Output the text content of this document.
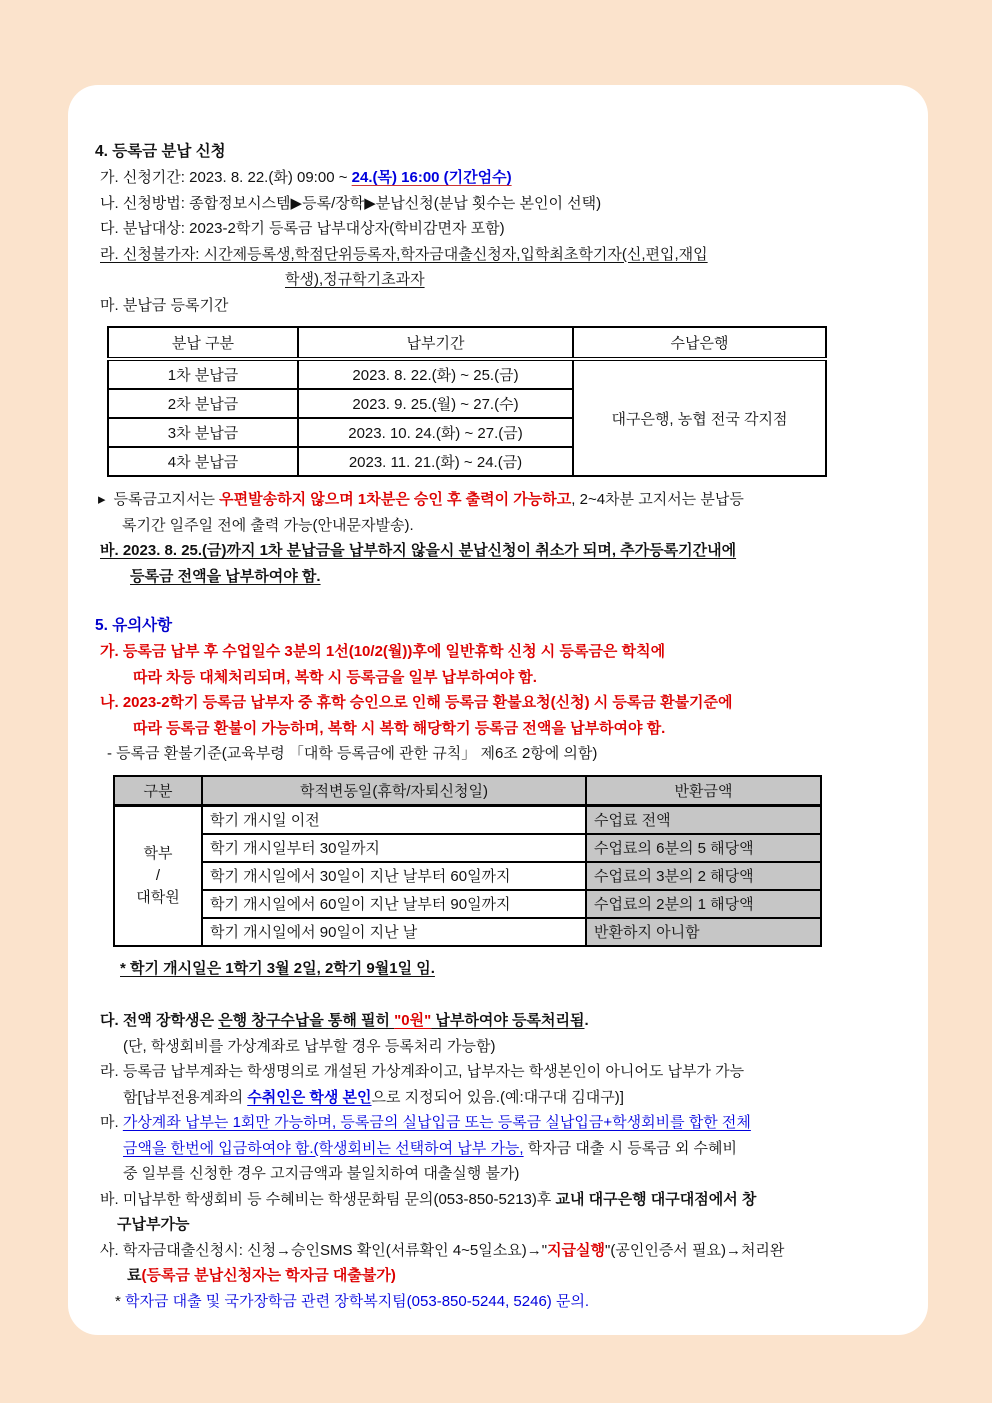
4. 등록금 분납 신청
가. 신청기간: 2023. 8. 22.(화) 09:00 ~ 24.(목) 16:00 (기간엄수)
나. 신청방법: 종합정보시스템▶등록/장학▶분납신청(분납 횟수는 본인이 선택)
다. 분납대상: 2023-2학기 등록금 납부대상자(학비감면자 포함)
라. 신청불가자: 시간제등록생,학점단위등록자,학자금대출신청자,입학최초학기자(신,편입,재입
학생),정규학기초과자
마. 분납금 등록기간
분납 구분	납부기간	수납은행
1차 분납금	2023. 8. 22.(화) ~ 25.(금)	대구은행, 농협 전국 각지점
2차 분납금	2023. 9. 25.(월) ~ 27.(수)	
3차 분납금	2023. 10. 24.(화) ~ 27.(금)	
4차 분납금	2023. 11. 21.(화) ~ 24.(금)	
▸ 등록금고지서는 우편발송하지 않으며 1차분은 승인 후 출력이 가능하고, 2~4차분 고지서는 분납등
록기간 일주일 전에 출력 가능(안내문자발송).
바. 2023. 8. 25.(금)까지 1차 분납금을 납부하지 않을시 분납신청이 취소가 되며, 추가등록기간내에
등록금 전액을 납부하여야 함.
5. 유의사항
가. 등록금 납부 후 수업일수 3분의 1선(10/2(월))후에 일반휴학 신청 시 등록금은 학칙에
따라 차등 대체처리되며, 복학 시 등록금을 일부 납부하여야 함.
나. 2023-2학기 등록금 납부자 중 휴학 승인으로 인해 등록금 환불요청(신청) 시 등록금 환불기준에
따라 등록금 환불이 가능하며, 복학 시 복학 해당학기 등록금 전액을 납부하여야 함.
- 등록금 환불기준(교육부령 「대학 등록금에 관한 규칙」 제6조 2항에 의함)
구분	학적변동일(휴학/자퇴신청일)	반환금액

학부
/
대학원	학기 개시일 이전	수업료 전액
	학기 개시일부터 30일까지	수업료의 6분의 5 해당액
	학기 개시일에서 30일이 지난 날부터 60일까지	수업료의 3분의 2 해당액
	학기 개시일에서 60일이 지난 날부터 90일까지	수업료의 2분의 1 해당액
	학기 개시일에서 90일이 지난 날	반환하지 아니함
* 학기 개시일은 1학기 3월 2일, 2학기 9월1일 임.
다. 전액 장학생은 은행 창구수납을 통해 필히 "0원" 납부하여야 등록처리됨.
(단, 학생회비를 가상계좌로 납부할 경우 등록처리 가능함)
라. 등록금 납부계좌는 학생명의로 개설된 가상계좌이고, 납부자는 학생본인이 아니어도 납부가 가능
함[납부전용계좌의 수취인은 학생 본인으로 지정되어 있음.(예:대구대 김대구)]
마. 가상계좌 납부는 1회만 가능하며, 등록금의 실납입금 또는 등록금 실납입금+학생회비를 합한 전체
금액을 한번에 입금하여야 함.(학생회비는 선택하여 납부 가능, 학자금 대출 시 등록금 외 수혜비
중 일부를 신청한 경우 고지금액과 불일치하여 대출실행 불가)
바. 미납부한 학생회비 등 수혜비는 학생문화팀 문의(053-850-5213)후 교내 대구은행 대구대점에서 창
구납부가능
사. 학자금대출신청시: 신청→승인SMS 확인(서류확인 4~5일소요)→"지급실행"(공인인증서 필요)→처리완
료(등록금 분납신청자는 학자금 대출불가)
* 학자금 대출 및 국가장학금 관련 장학복지팀(053-850-5244, 5246) 문의.
